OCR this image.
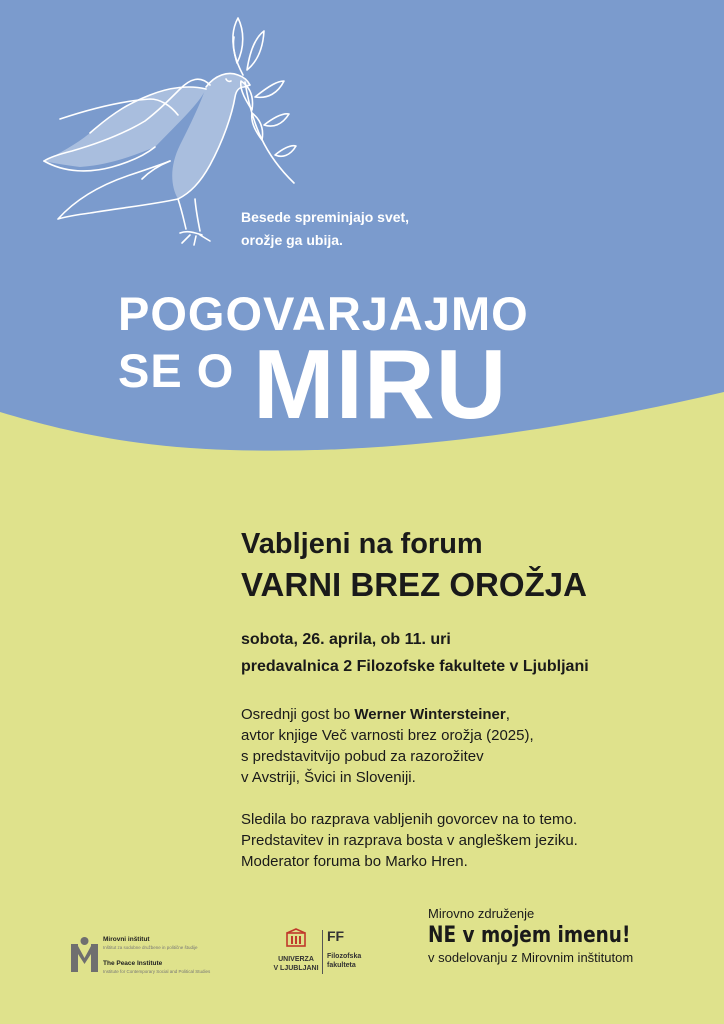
Besede spreminjajo svet,
orožje ga ubija.
POGOVARJAJMO
SE O MIRU
Vabljeni na forum
VARNI BREZ OROŽJA
sobota, 26. aprila, ob 11. uri
predavalnica 2 Filozofske fakultete v Ljubljani

Osrednji gost bo Werner Wintersteiner,

avtor knjige Več varnosti brez orožja (2025),

s predstavitvijo pobud za razorožitev

v Avstriji, Švici in Sloveniji.

Sledila bo razprava vabljenih govorcev na to temo.

Predstavitev in razprava bosta v angleškem jeziku.

Moderator foruma bo Marko Hren.

Mirovni inštitut
Inštitut za sodobne družbene in politične študije
The Peace Institute
Institute for Contemporary Social and Political Studies
UNIVERZA
V LJUBLJANI
FF
Filozofska
fakulteta
Mirovno združenje
NE v mojem imenu!
v sodelovanju z Mirovnim inštitutom
